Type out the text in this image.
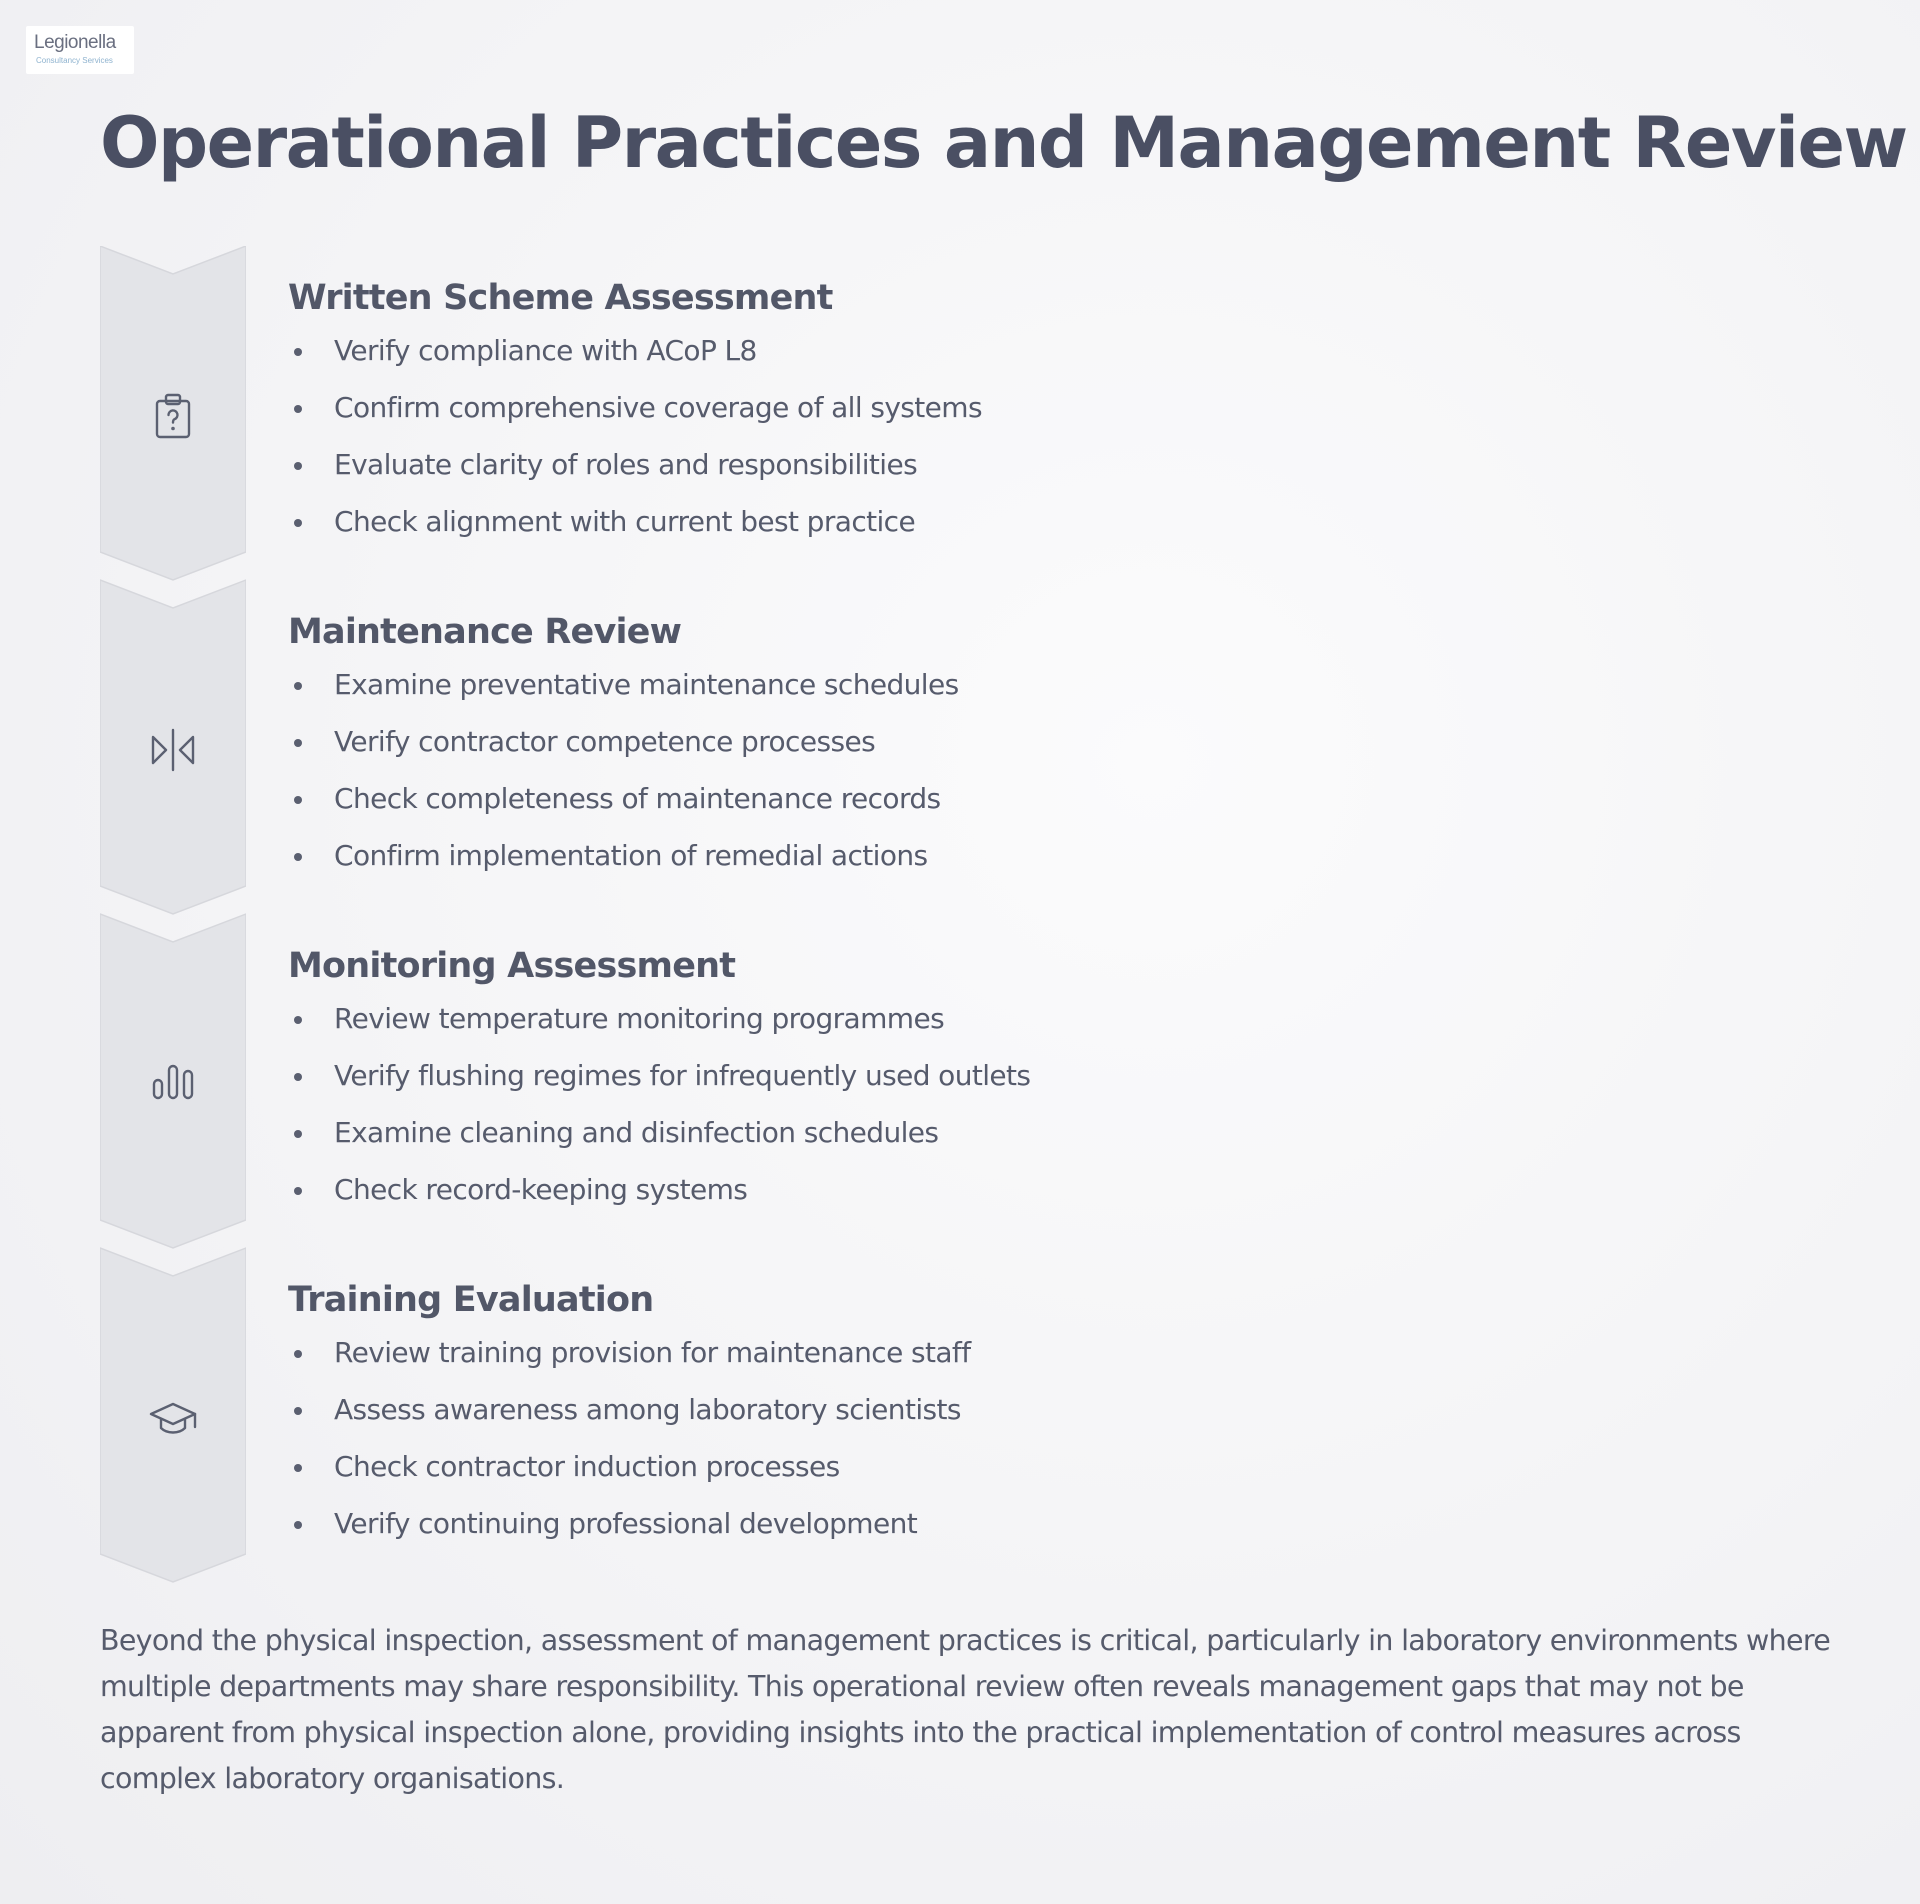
Legionella
Consultancy Services
Operational Practices and Management Review
Written Scheme Assessment
Verify compliance with ACoP L8
Confirm comprehensive coverage of all systems
Evaluate clarity of roles and responsibilities
Check alignment with current best practice
Maintenance Review
Examine preventative maintenance schedules
Verify contractor competence processes
Check completeness of maintenance records
Confirm implementation of remedial actions
Monitoring Assessment
Review temperature monitoring programmes
Verify flushing regimes for infrequently used outlets
Examine cleaning and disinfection schedules
Check record-keeping systems
Training Evaluation
Review training provision for maintenance staff
Assess awareness among laboratory scientists
Check contractor induction processes
Verify continuing professional development

Beyond the physical inspection, assessment of management practices is critical, particularly in laboratory environments where multiple departments may share responsibility. This operational review often reveals management gaps that may not be apparent from physical inspection alone, providing insights into the practical implementation of control measures across complex laboratory organisations.
